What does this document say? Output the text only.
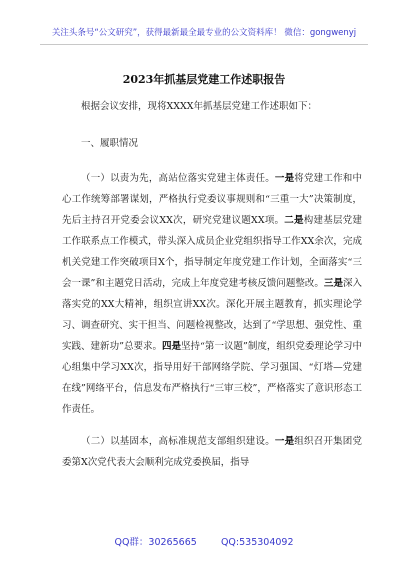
关注头条号“公文研究”，获得最新最全最专业的公文资料库！ 微信：gongwenyj
2023年抓基层党建工作述职报告

根据会议安排，现将XXXX年抓基层党建工作述职如下：

一、履职情况

（一）以责为先，高站位落实党建主体责任。一是将党建工作和中心工作统筹部署谋划，严格执行党委议事规则和“三重一大”决策制度，先后主持召开党委会议XX次，研究党建议题XX项。二是构建基层党建工作联系点工作模式，带头深入成员企业党组织指导工作XX余次，完成机关党建工作突破项目X个，指导制定年度党建工作计划，全面落实“三会一课”和主题党日活动，完成上年度党建考核反馈问题整改。三是深入落实党的XX大精神，组织宣讲XX次。深化开展主题教育，抓实理论学习、调查研究、实干担当、问题检视整改，达到了“学思想、强党性、重实践、建新功”总要求。四是坚持“第一议题”制度，组织党委理论学习中心组集中学习XX次，指导用好干部网络学院、学习强国、“灯塔—党建在线”网络平台，信息发布严格执行“三审三校”，严格落实了意识形态工作责任。

（二）以基固本，高标准规范支部组织建设。一是组织召开集团党委第X次党代表大会顺利完成党委换届，指导

QQ群：30265665	QQ:535304092
